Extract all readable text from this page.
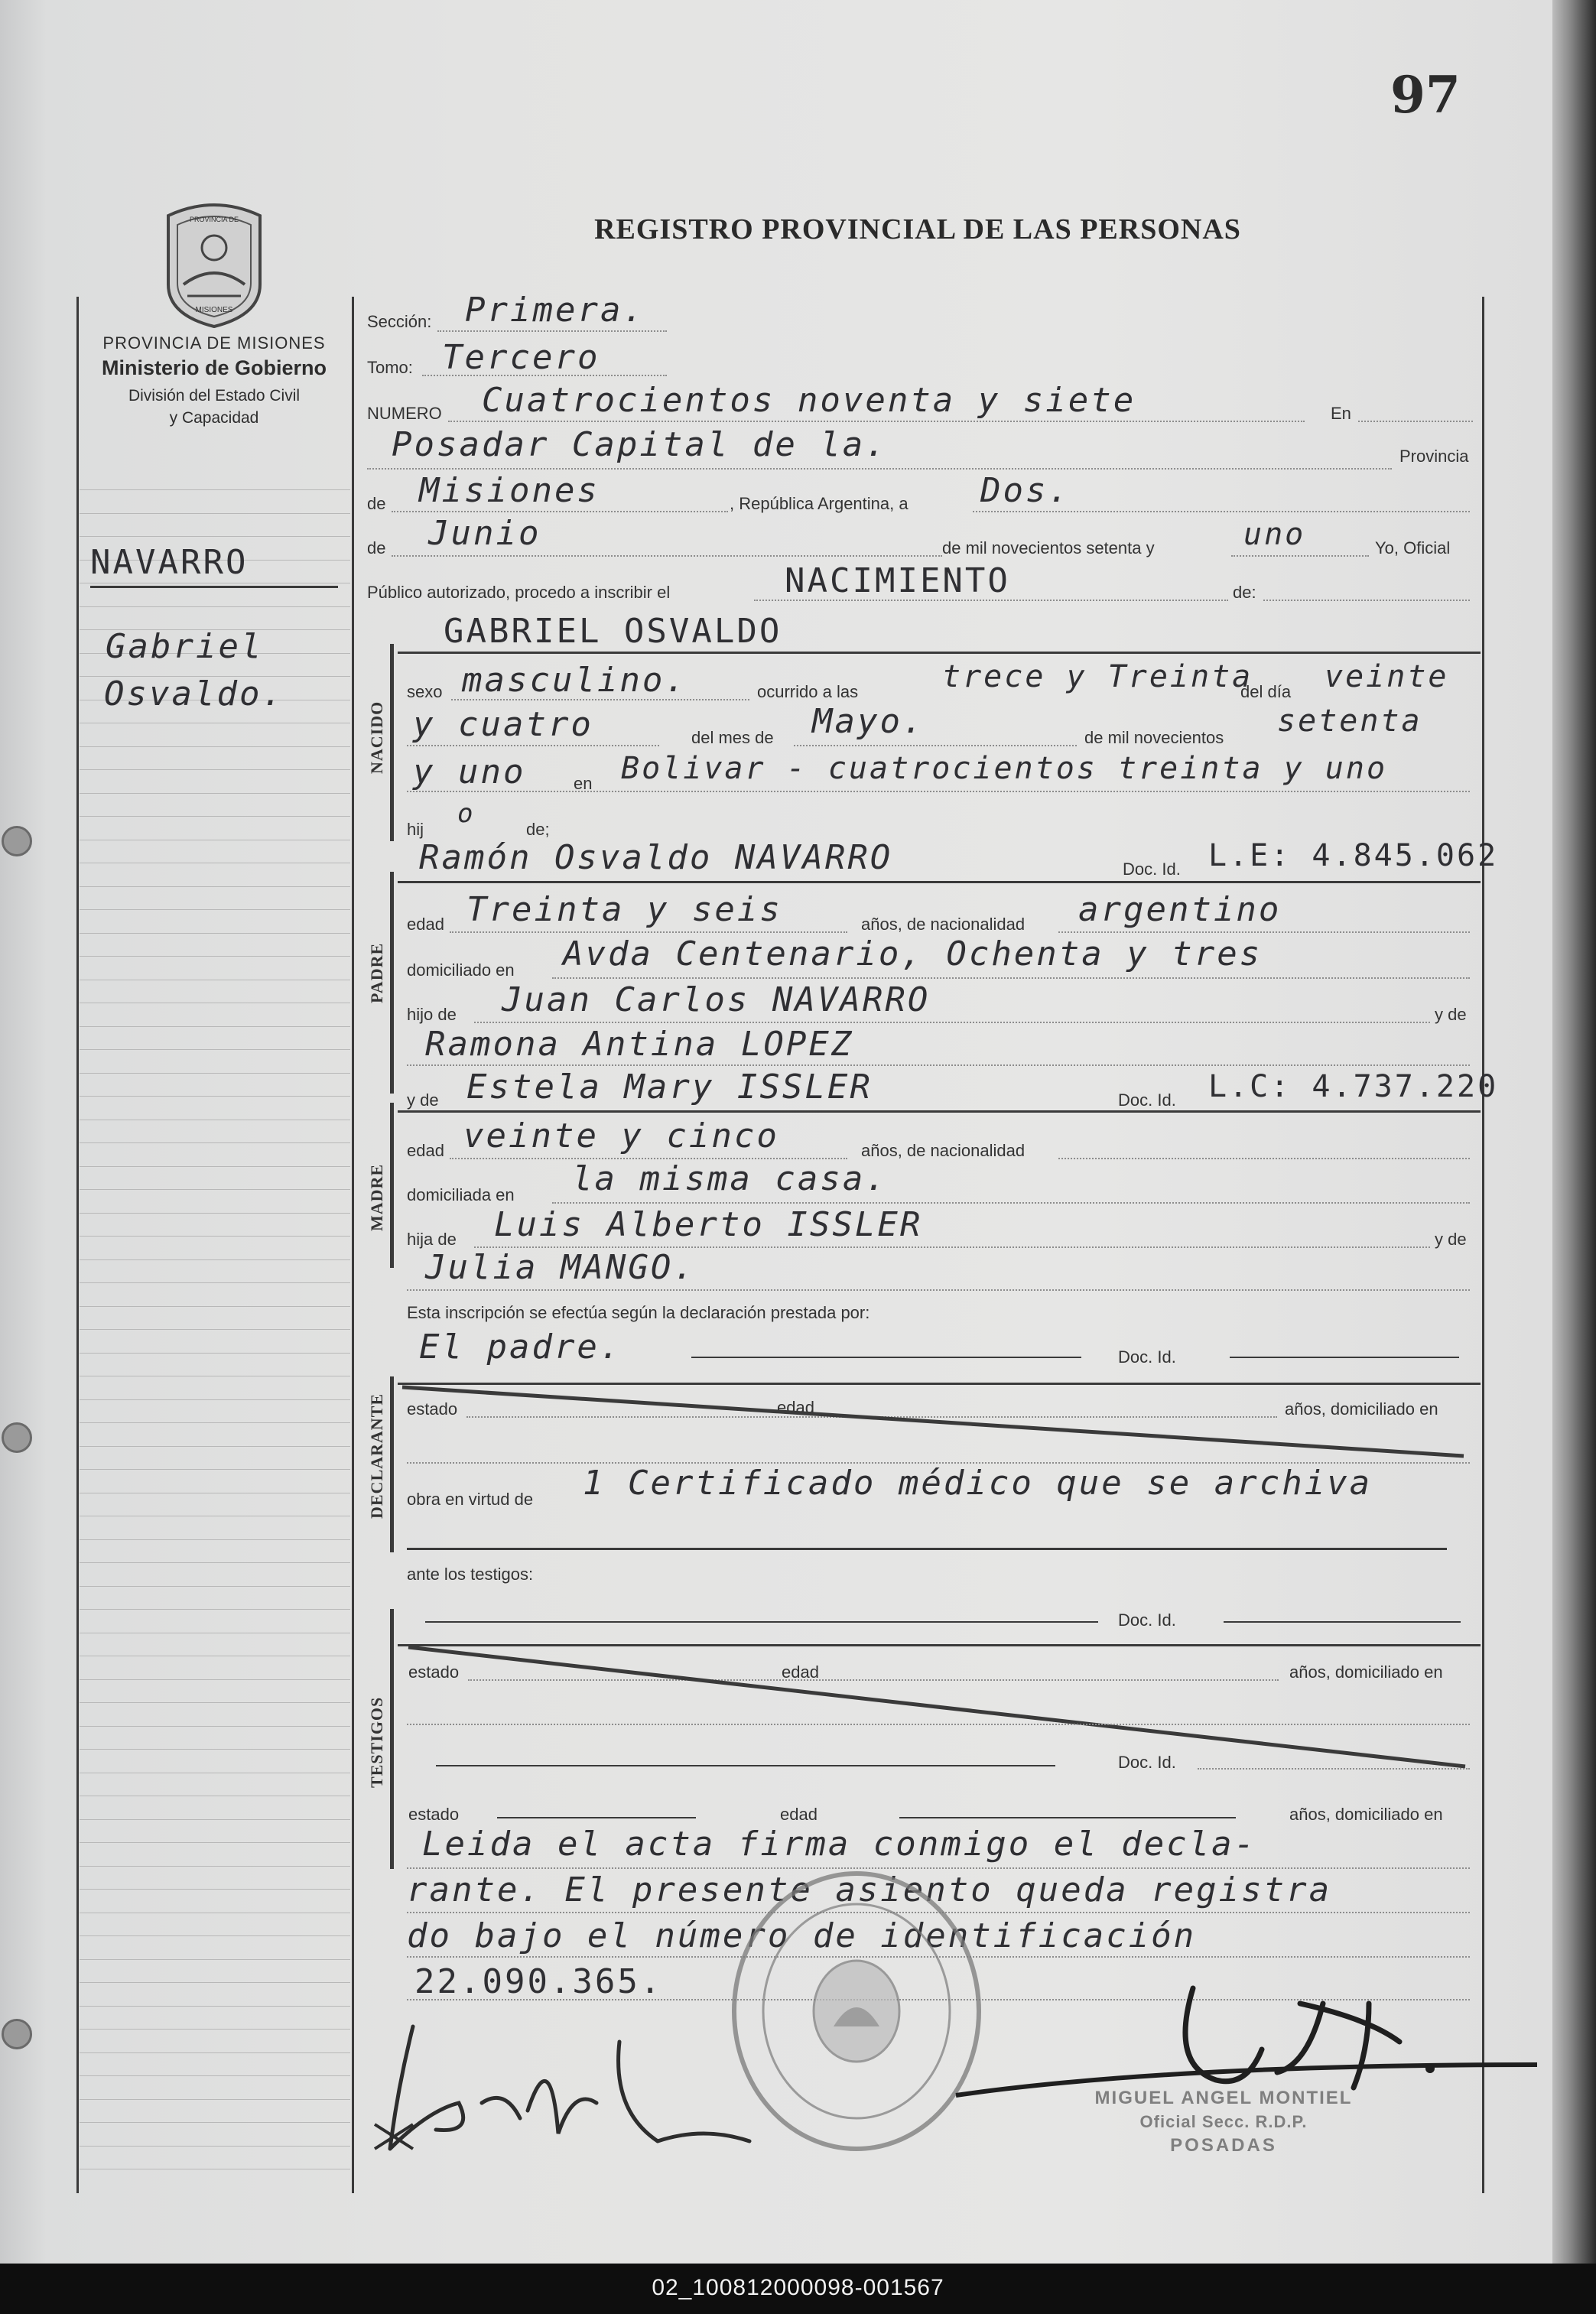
97
REGISTRO PROVINCIAL DE LAS PERSONAS
PROVINCIA DE
MISIONES
PROVINCIA DE MISIONES
Ministerio de Gobierno
División del Estado Civil
y Capacidad
NAVARRO
Gabriel
Osvaldo.
Sección: Primera.
Tomo: Tercero
NUMERO Cuatrocientos noventa y siete	En
Posadar Capital de la.	Provincia
de Misiones	, República Argentina, a Dos.
de Junio	de mil novecientos setenta y	uno	Yo, Oficial
Público autorizado, procedo a inscribir el	NACIMIENTO	de:
NACIDO
GABRIEL OSVALDO
sexo masculino.	ocurrido a las	trece y Treinta
del día veinte
y cuatro	del mes de Mayo.	de mil novecientos setenta
y uno	en Bolivar - cuatrocientos treinta y uno
hij
o
de;
Ramón Osvaldo NAVARRO	Doc. Id. L.E: 4.845.062
PADRE
edad Treinta y seis	años, de nacionalidad argentino
domiciliado en Avda Centenario, Ochenta y tres
hijo de Juan Carlos NAVARRO	y de
Ramona Antina LOPEZ
y de Estela Mary ISSLER	Doc. Id. L.C: 4.737.220
MADRE
edad veinte y cinco	años, de nacionalidad
domiciliada en la misma casa.
hija de Luis Alberto ISSLER	y de
Julia MANGO.
Esta inscripción se efectúa según la declaración prestada por:
El padre.	Doc. Id.
DECLARANTE estado	edad	años, domiciliado en
obra en virtud de 1 Certificado médico que se archiva
ante los testigos:
Doc. Id.
TESTIGOS
estado	edad	años, domiciliado en
Doc. Id.
estado	edad	años, domiciliado en
Leida el acta firma conmigo el decla-
rante. El presente asiento queda registra
do bajo el número de identificación
22.090.365.
MIGUEL ANGEL MONTIEL
Oficial Secc. R.D.P.
POSADAS
02_100812000098-001567
